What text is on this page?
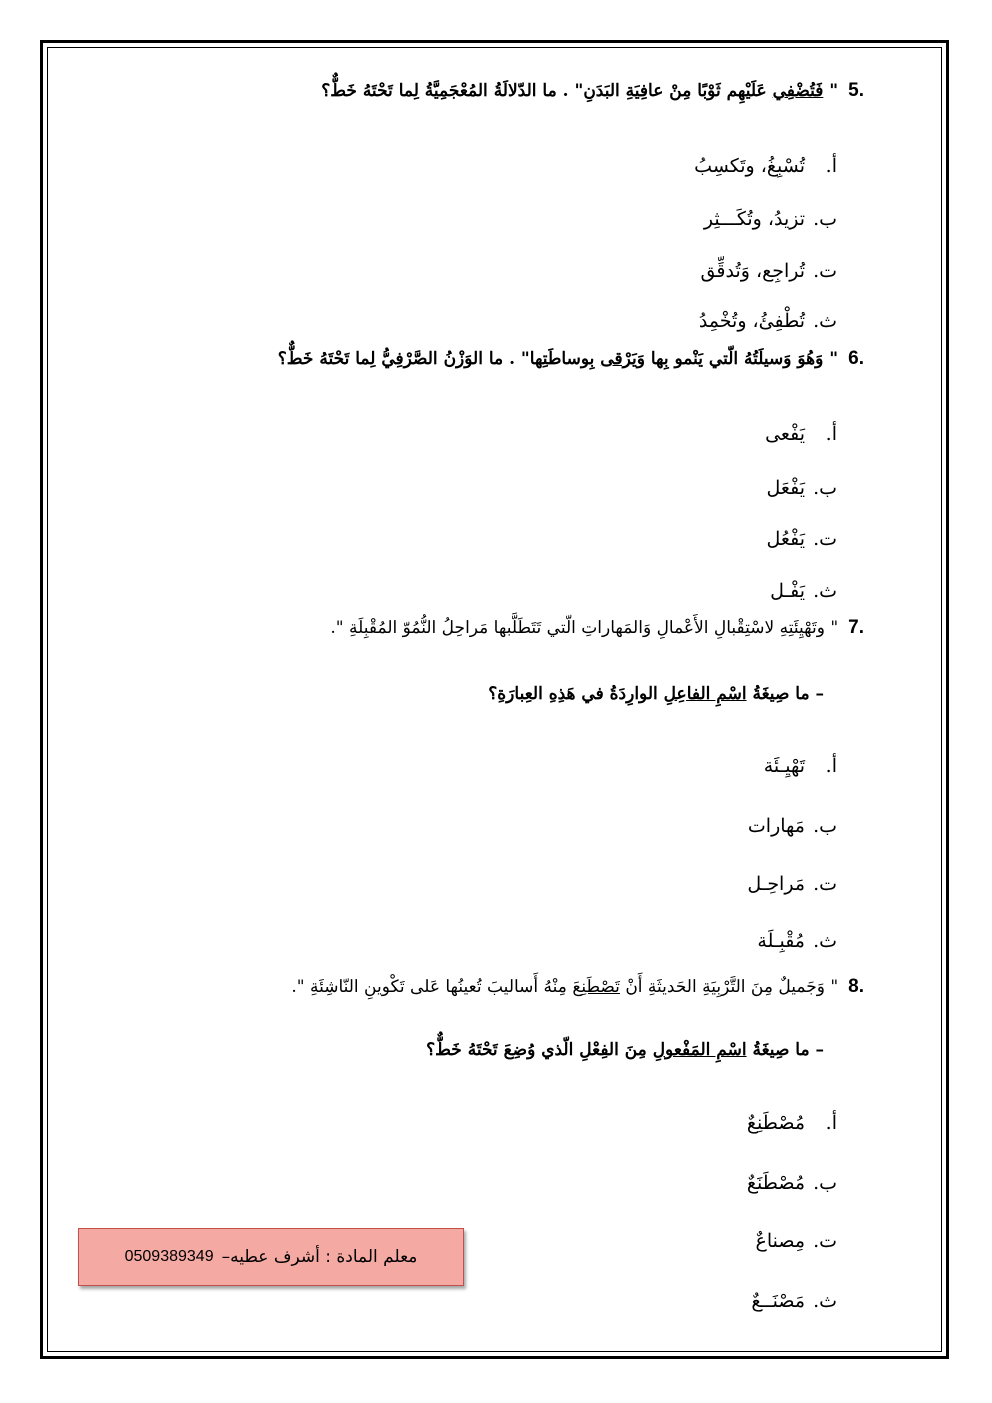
.5" فَتُضْفِي عَلَيْهِم ثَوْبًا مِنْ عافِيَةِ البَدَنِ" . ما الدّلالَةُ المُعْجَمِيَّةُ لِما تَحْتَهُ خَطٌّ؟
أ.تُسْبِغُ، وتَكسِبُ
ب.تزيدُ، وتُكَـــثِر
ت.تُراجِع، وَتُدقِّق
ث.تُطْفِئُ، وتُخْمِدُ
.6" وَهُوَ وَسيلَتُهُ الّتي يَنْمو بِها وَيَرْقى بِوساطَتِها" . ما الوَزْنُ الصَّرْفِيُّ لِما تَحْتَهُ خَطٌّ؟
أ.يَفْعى
ب.يَفْعَل
ت.يَفْعُل
ث.يَفْـل
.7" وتَهْيِئَتِهِ لاسْتِقْبالِ الأَعْمالِ وَالمَهاراتِ الّتي تَتَطَلَّبها مَراحِلُ النُّمُوّ المُقْبِلَةِ ".
– ما صِيغَةُ اسْمِ الفاعِلِ الوارِدَةُ في هَذِهِ العِبارَةِ؟
أ.تَهْيِـئَة
ب.مَهارات
ت.مَراحِـل
ث.مُقْبِـلَة
.8" وَجَميلٌ مِنَ التَّرْبِيَةِ الحَديثَةِ أَنْ تَصْطَنِعَ مِنْهُ أَساليبَ تُعينُها عَلى تَكْوينِ النّاشِئَةِ ".
– ما صِيغَةُ اسْمِ المَفْعولِ مِنَ الفِعْلِ الّذي وُضِعَ تَحْتَهُ خَطٌّ؟
أ.مُصْطَنِعٌ
ب.مُصْطَنَعٌ
ت.مِصناعٌ
ث.مَصْنَــعٌ
معلم المادة : أشرف عطيه–
0509389349
